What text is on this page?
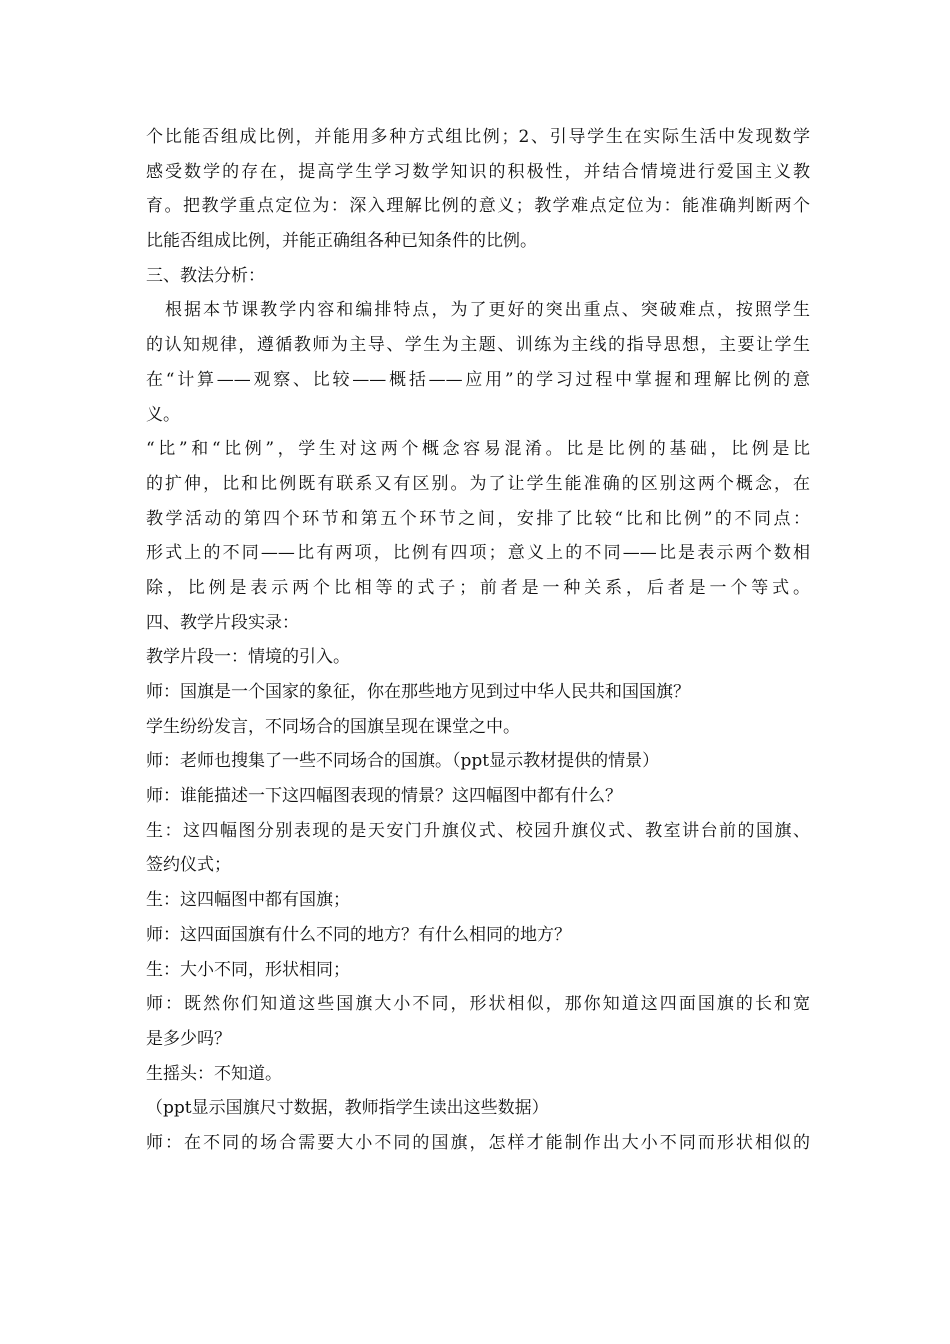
个比能否组成比例，并能用多种方式组比例；2、引导学生在实际生活中发现数学
感受数学的存在，提高学生学习数学知识的积极性，并结合情境进行爱国主义教
育。把教学重点定位为：深入理解比例的意义；教学难点定位为：能准确判断两个
比能否组成比例，并能正确组各种已知条件的比例。
三、教法分析：
　根据本节课教学内容和编排特点，为了更好的突出重点、突破难点，按照学生
的认知规律，遵循教师为主导、学生为主题、训练为主线的指导思想，主要让学生
在“计算——观察、比较——概括——应用”的学习过程中掌握和理解比例的意
义。
“比”和“比例”，学生对这两个概念容易混淆。比是比例的基础，比例是比
的扩伸，比和比例既有联系又有区别。为了让学生能准确的区别这两个概念，在
教学活动的第四个环节和第五个环节之间，安排了比较“比和比例”的不同点：
形式上的不同——比有两项，比例有四项；意义上的不同——比是表示两个数相
除，比例是表示两个比相等的式子；前者是一种关系，后者是一个等式。
四、教学片段实录：
教学片段一：情境的引入。
师：国旗是一个国家的象征，你在那些地方见到过中华人民共和国国旗？
学生纷纷发言，不同场合的国旗呈现在课堂之中。
师：老师也搜集了一些不同场合的国旗。（ppt显示教材提供的情景）
师：谁能描述一下这四幅图表现的情景？这四幅图中都有什么？
生：这四幅图分别表现的是天安门升旗仪式、校园升旗仪式、教室讲台前的国旗、
签约仪式；
生：这四幅图中都有国旗；
师：这四面国旗有什么不同的地方？有什么相同的地方？
生：大小不同，形状相同；
师：既然你们知道这些国旗大小不同，形状相似，那你知道这四面国旗的长和宽
是多少吗？
生摇头：不知道。
（ppt显示国旗尺寸数据，教师指学生读出这些数据）
师：在不同的场合需要大小不同的国旗，怎样才能制作出大小不同而形状相似的
